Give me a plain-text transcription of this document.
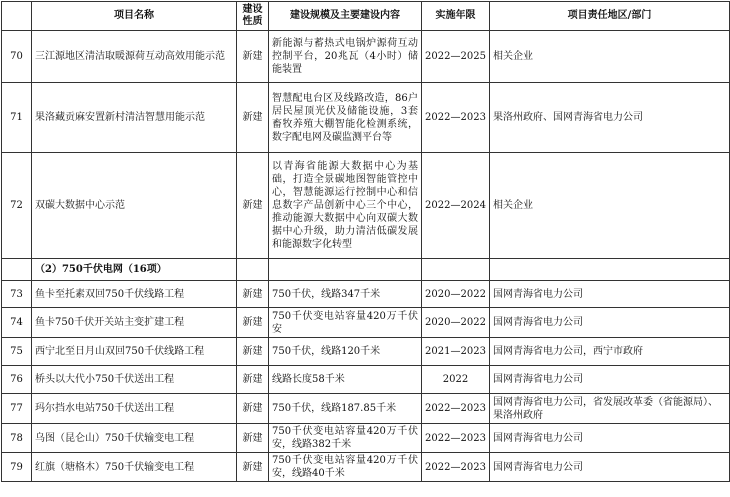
	项目名称	建设性质	建设规模及主要建设内容	实施年限	项目责任地区/部门
70	三江源地区清洁取暖源荷互动高效用能示范	新建	新能源与蓄热式电锅炉源荷互动控制平台，20兆瓦（4小时）储能装置	2022—2025	相关企业
71	果洛藏贡麻安置新村清洁智慧用能示范	新建	智慧配电台区及线路改造，86户居民屋顶光伏及储能设施，3套畜牧养殖大棚智能化检测系统，数字配电网及碳监测平台等	2022—2023	果洛州政府、国网青海省电力公司
72	双碳大数据中心示范	新建	以青海省能源大数据中心为基础，打造全景碳地图智能管控中心，智慧能源运行控制中心和信息数字产品创新中心三个中心，推动能源大数据中心向双碳大数据中心升级，助力清洁低碳发展和能源数字化转型	2022—2024	相关企业
	（2）750千伏电网（16项）				
73	鱼卡至托素双回750千伏线路工程	新建	750千伏，线路347千米	2020—2022	国网青海省电力公司
74	鱼卡750千伏开关站主变扩建工程	新建	750千伏变电站容量420万千伏安	2020—2022	国网青海省电力公司
75	西宁北至日月山双回750千伏线路工程	新建	750千伏，线路120千米	2021—2023	国网青海省电力公司，西宁市政府
76	桥头以大代小750千伏送出工程	新建	线路长度58千米	2022	国网青海省电力公司
77	玛尔挡水电站750千伏送出工程	新建	750千伏，线路187.85千米	2022—2023	国网青海省电力公司，省发展改革委（省能源局）、果洛州政府
78	乌图（昆仑山）750千伏输变电工程	新建	750千伏变电站容量420万千伏安，线路382千米	2022—2023	国网青海省电力公司
79	红旗（塘格木）750千伏输变电工程	新建	750千伏变电站容量420万千伏安，线路40千米	2022—2023	国网青海省电力公司
